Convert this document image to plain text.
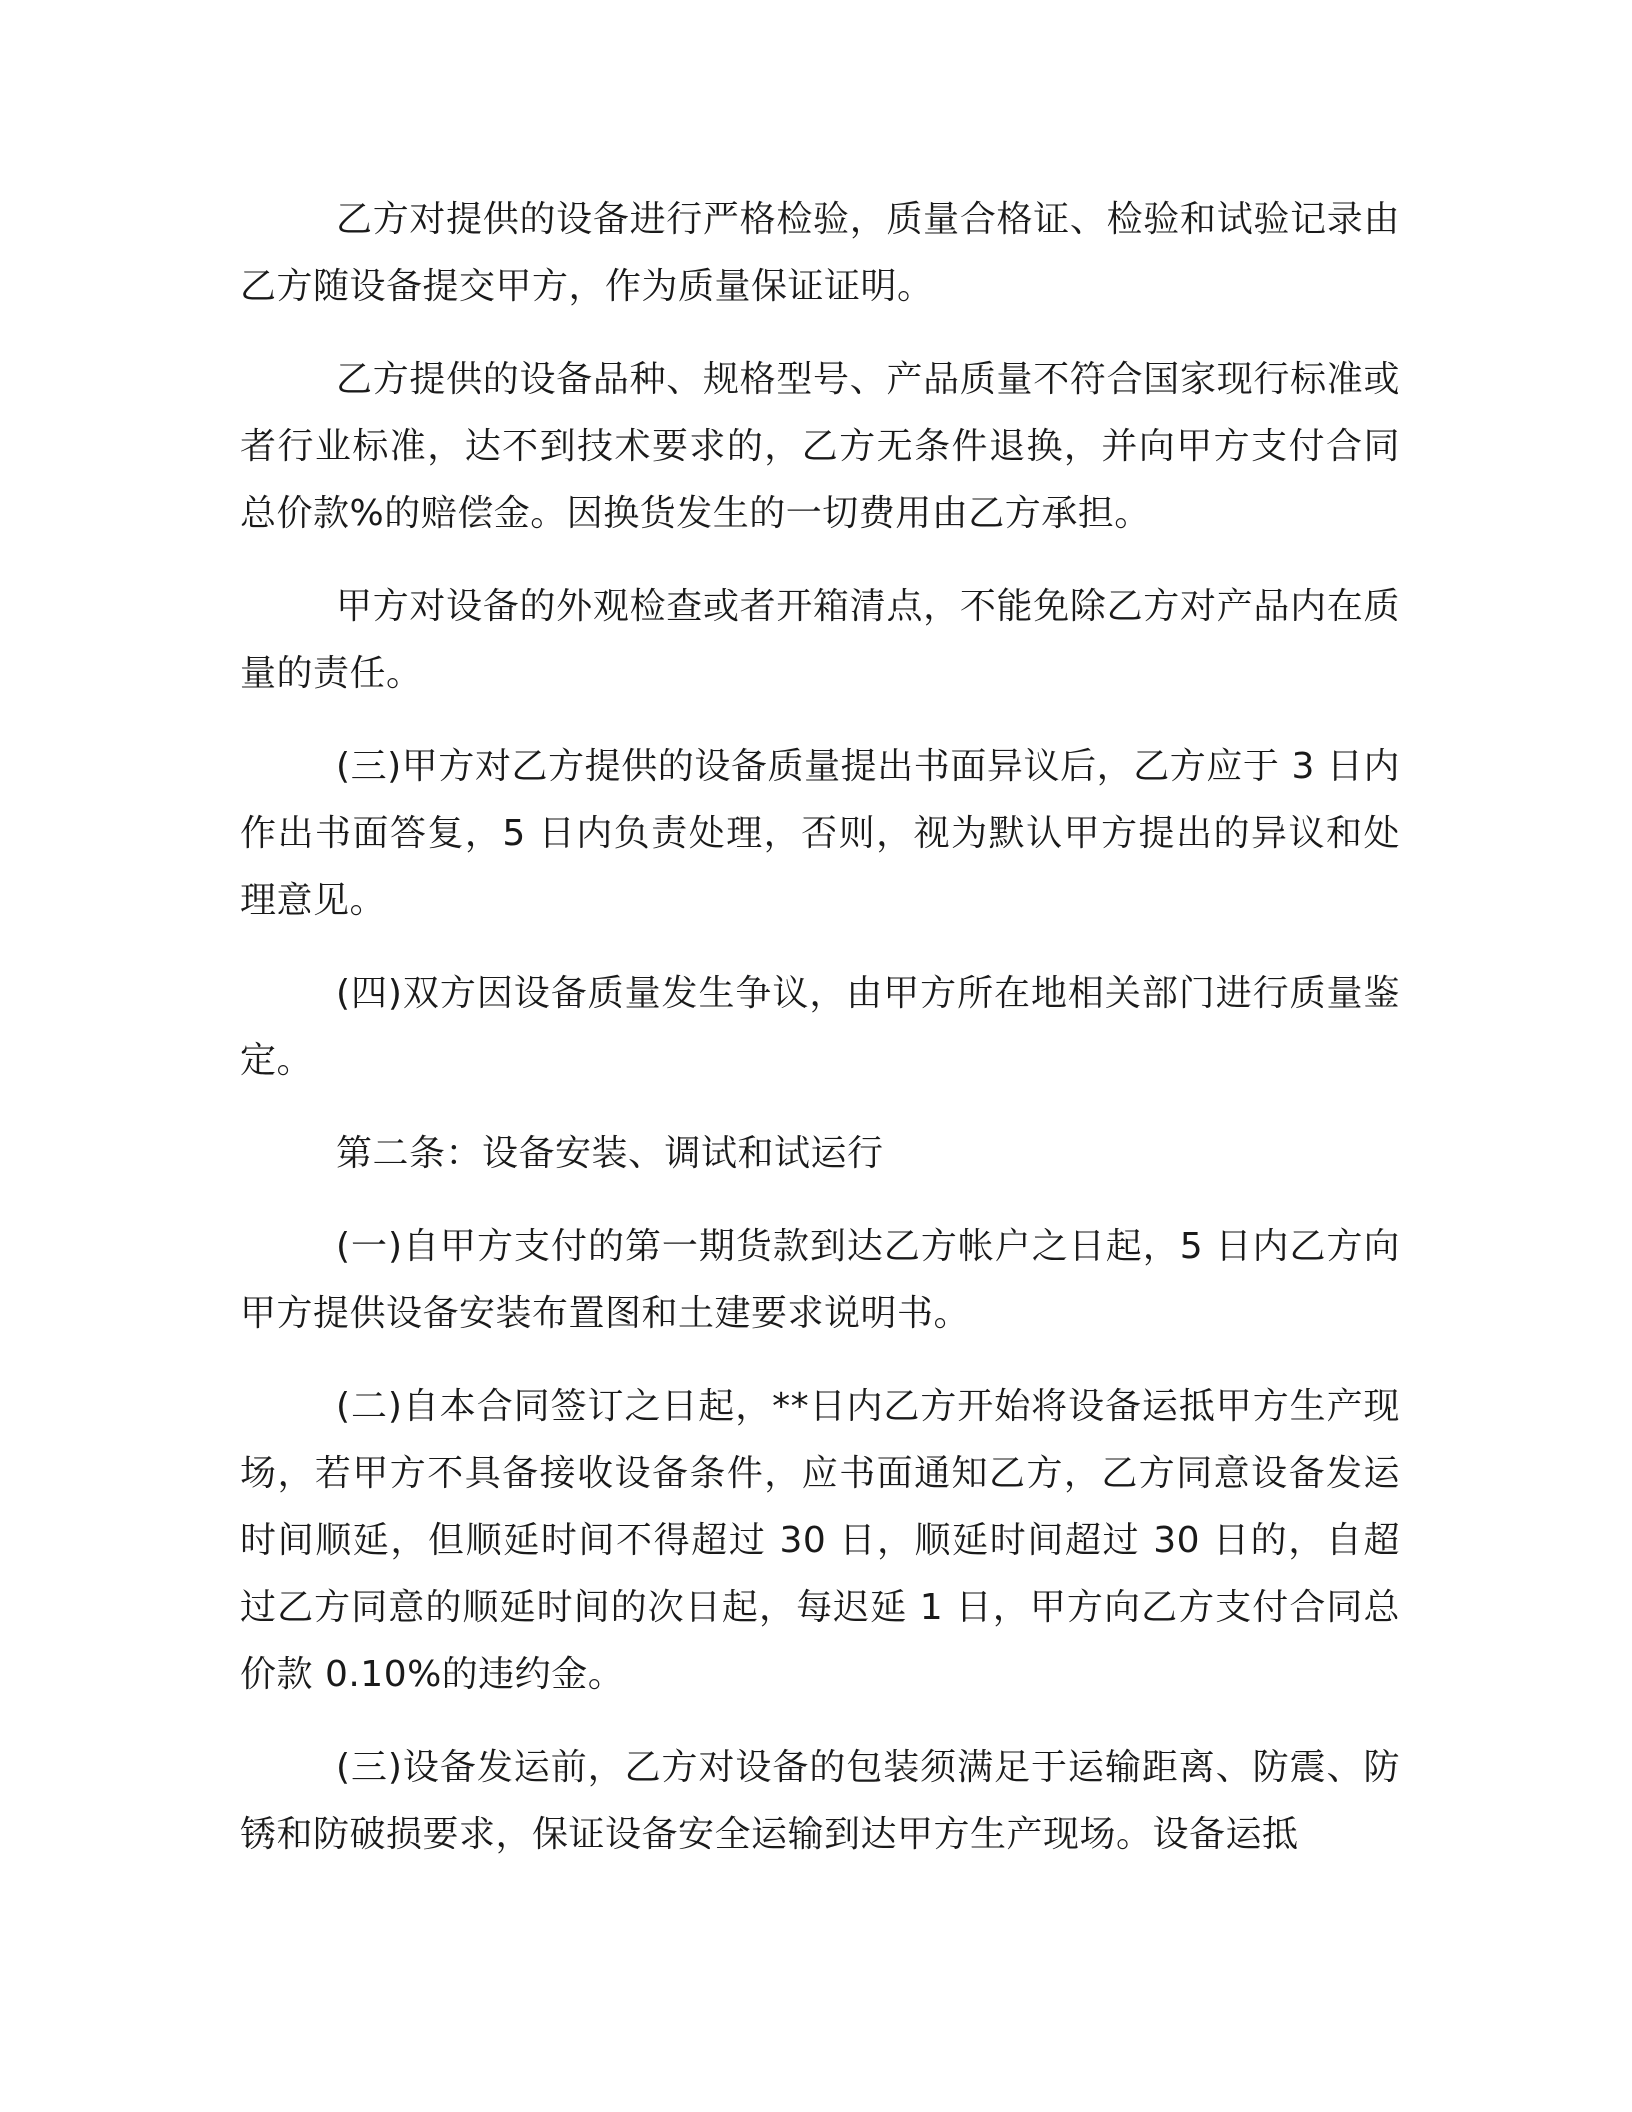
乙方对提供的设备进行严格检验，质量合格证、检验和试验记录由乙方随设备提交甲方，作为质量保证证明。

乙方提供的设备品种、规格型号、产品质量不符合国家现行标准或者行业标准，达不到技术要求的，乙方无条件退换，并向甲方支付合同总价款%的赔偿金。因换货发生的一切费用由乙方承担。

甲方对设备的外观检查或者开箱清点，不能免除乙方对产品内在质量的责任。

(三)甲方对乙方提供的设备质量提出书面异议后，乙方应于 3 日内作出书面答复，5 日内负责处理，否则，视为默认甲方提出的异议和处理意见。

(四)双方因设备质量发生争议，由甲方所在地相关部门进行质量鉴定。

第二条：设备安装、调试和试运行

(一)自甲方支付的第一期货款到达乙方帐户之日起，5 日内乙方向甲方提供设备安装布置图和土建要求说明书。

(二)自本合同签订之日起，**日内乙方开始将设备运抵甲方生产现场，若甲方不具备接收设备条件，应书面通知乙方，乙方同意设备发运时间顺延，但顺延时间不得超过 30 日，顺延时间超过 30 日的，自超过乙方同意的顺延时间的次日起，每迟延 1 日，甲方向乙方支付合同总价款 0.10%的违约金。

(三)设备发运前，乙方对设备的包装须满足于运输距离、防震、防锈和防破损要求，保证设备安全运输到达甲方生产现场。设备运抵
